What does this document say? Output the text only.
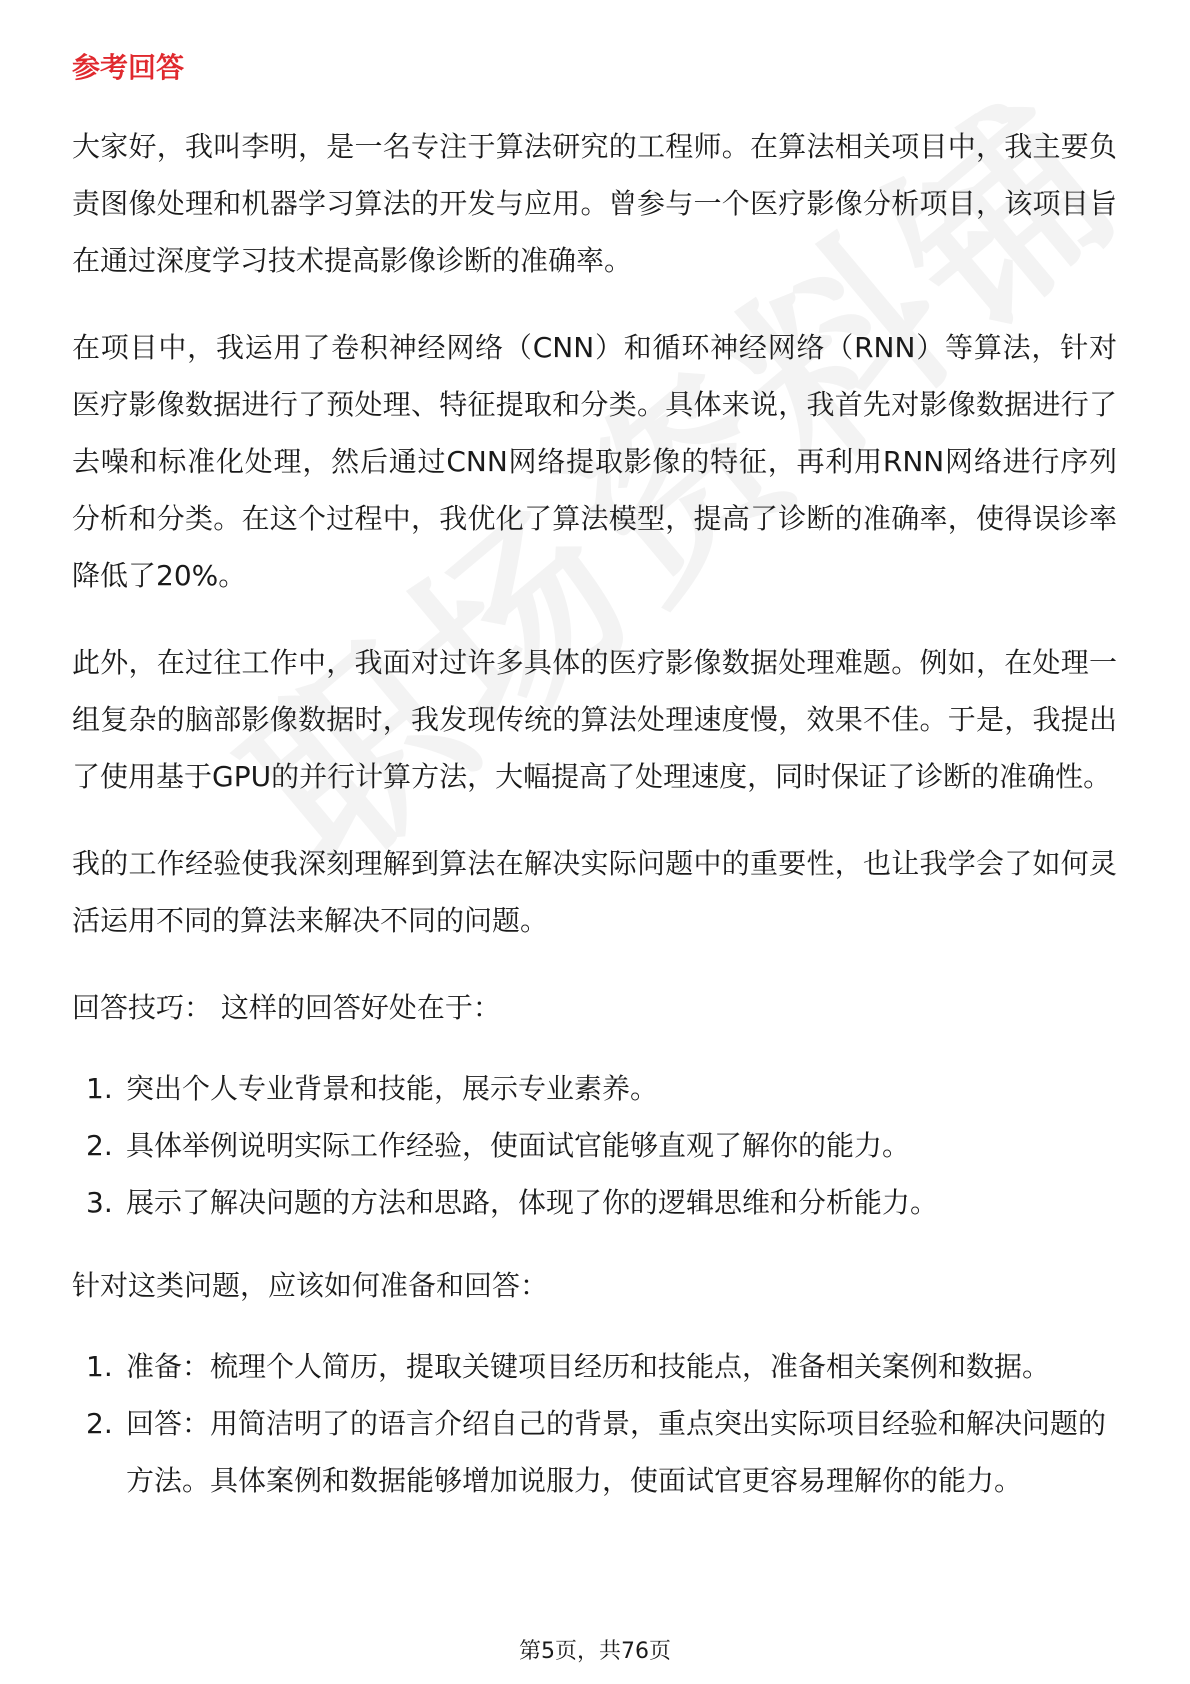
参考回答

大家好，我叫李明，是一名专注于算法研究的工程师。在算法相关项目中，我主要负责图像处理和机器学习算法的开发与应用。曾参与一个医疗影像分析项目，该项目旨在通过深度学习技术提高影像诊断的准确率。

在项目中，我运用了卷积神经网络（CNN）和循环神经网络（RNN）等算法，针对医疗影像数据进行了预处理、特征提取和分类。具体来说，我首先对影像数据进行了去噪和标准化处理，然后通过CNN网络提取影像的特征，再利用RNN网络进行序列分析和分类。在这个过程中，我优化了算法模型，提高了诊断的准确率，使得误诊率降低了20%。

此外，在过往工作中，我面对过许多具体的医疗影像数据处理难题。例如，在处理一组复杂的脑部影像数据时，我发现传统的算法处理速度慢，效果不佳。于是，我提出了使用基于GPU的并行计算方法，大幅提高了处理速度，同时保证了诊断的准确性。

我的工作经验使我深刻理解到算法在解决实际问题中的重要性，也让我学会了如何灵活运用不同的算法来解决不同的问题。

回答技巧： 这样的回答好处在于：

1. 突出个人专业背景和技能，展示专业素养。
2. 具体举例说明实际工作经验，使面试官能够直观了解你的能力。
3. 展示了解决问题的方法和思路，体现了你的逻辑思维和分析能力。

针对这类问题，应该如何准备和回答：

1. 准备：梳理个人简历，提取关键项目经历和技能点，准备相关案例和数据。
2. 回答：用简洁明了的语言介绍自己的背景，重点突出实际项目经验和解决问题的方法。具体案例和数据能够增加说服力，使面试官更容易理解你的能力。
第5页，共76页
